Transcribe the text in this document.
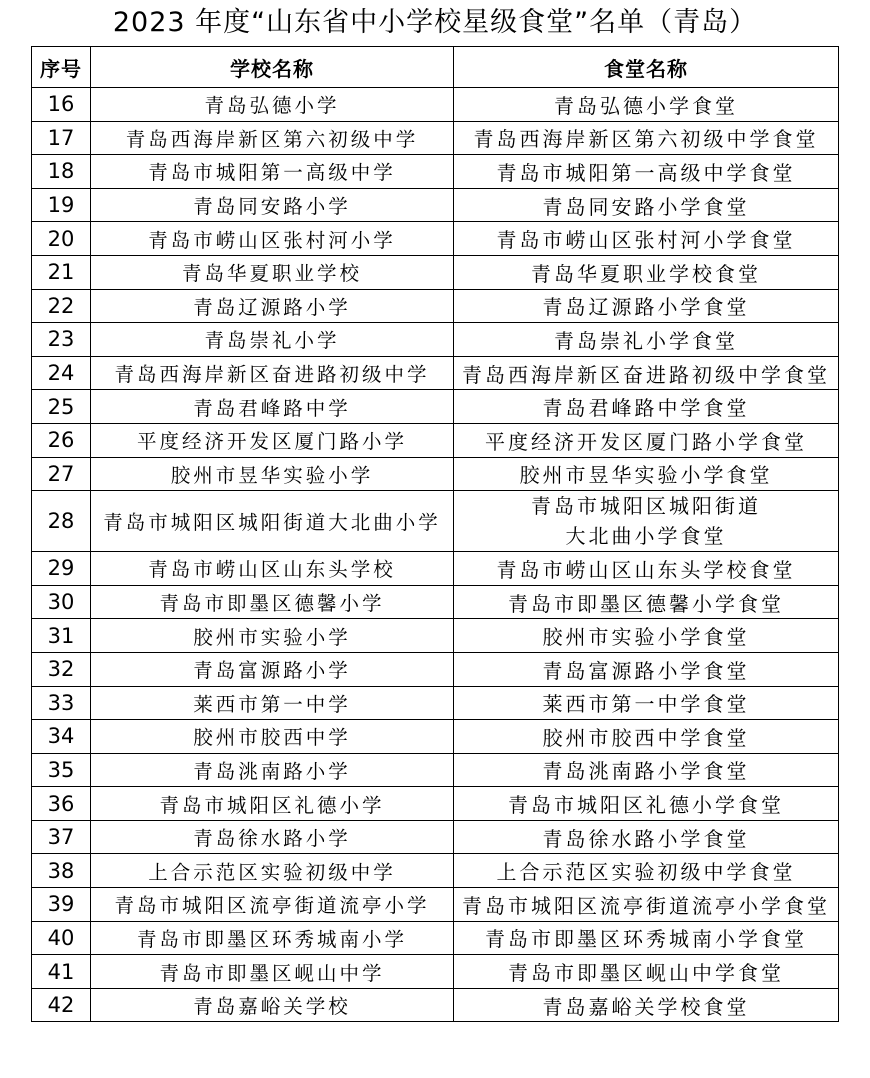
2023 年度“山东省中小学校星级食堂”名单（青岛）
序号	学校名称	食堂名称
16	青岛弘德小学	青岛弘德小学食堂
17	青岛西海岸新区第六初级中学	青岛西海岸新区第六初级中学食堂
18	青岛市城阳第一高级中学	青岛市城阳第一高级中学食堂
19	青岛同安路小学	青岛同安路小学食堂
20	青岛市崂山区张村河小学	青岛市崂山区张村河小学食堂
21	青岛华夏职业学校	青岛华夏职业学校食堂
22	青岛辽源路小学	青岛辽源路小学食堂
23	青岛崇礼小学	青岛崇礼小学食堂
24	青岛西海岸新区奋进路初级中学	青岛西海岸新区奋进路初级中学食堂
25	青岛君峰路中学	青岛君峰路中学食堂
26	平度经济开发区厦门路小学	平度经济开发区厦门路小学食堂
27	胶州市昱华实验小学	胶州市昱华实验小学食堂
28	青岛市城阳区城阳街道大北曲小学	青岛市城阳区城阳街道
大北曲小学食堂
29	青岛市崂山区山东头学校	青岛市崂山区山东头学校食堂
30	青岛市即墨区德馨小学	青岛市即墨区德馨小学食堂
31	胶州市实验小学	胶州市实验小学食堂
32	青岛富源路小学	青岛富源路小学食堂
33	莱西市第一中学	莱西市第一中学食堂
34	胶州市胶西中学	胶州市胶西中学食堂
35	青岛洮南路小学	青岛洮南路小学食堂
36	青岛市城阳区礼德小学	青岛市城阳区礼德小学食堂
37	青岛徐水路小学	青岛徐水路小学食堂
38	上合示范区实验初级中学	上合示范区实验初级中学食堂
39	青岛市城阳区流亭街道流亭小学	青岛市城阳区流亭街道流亭小学食堂
40	青岛市即墨区环秀城南小学	青岛市即墨区环秀城南小学食堂
41	青岛市即墨区岘山中学	青岛市即墨区岘山中学食堂
42	青岛嘉峪关学校	青岛嘉峪关学校食堂
